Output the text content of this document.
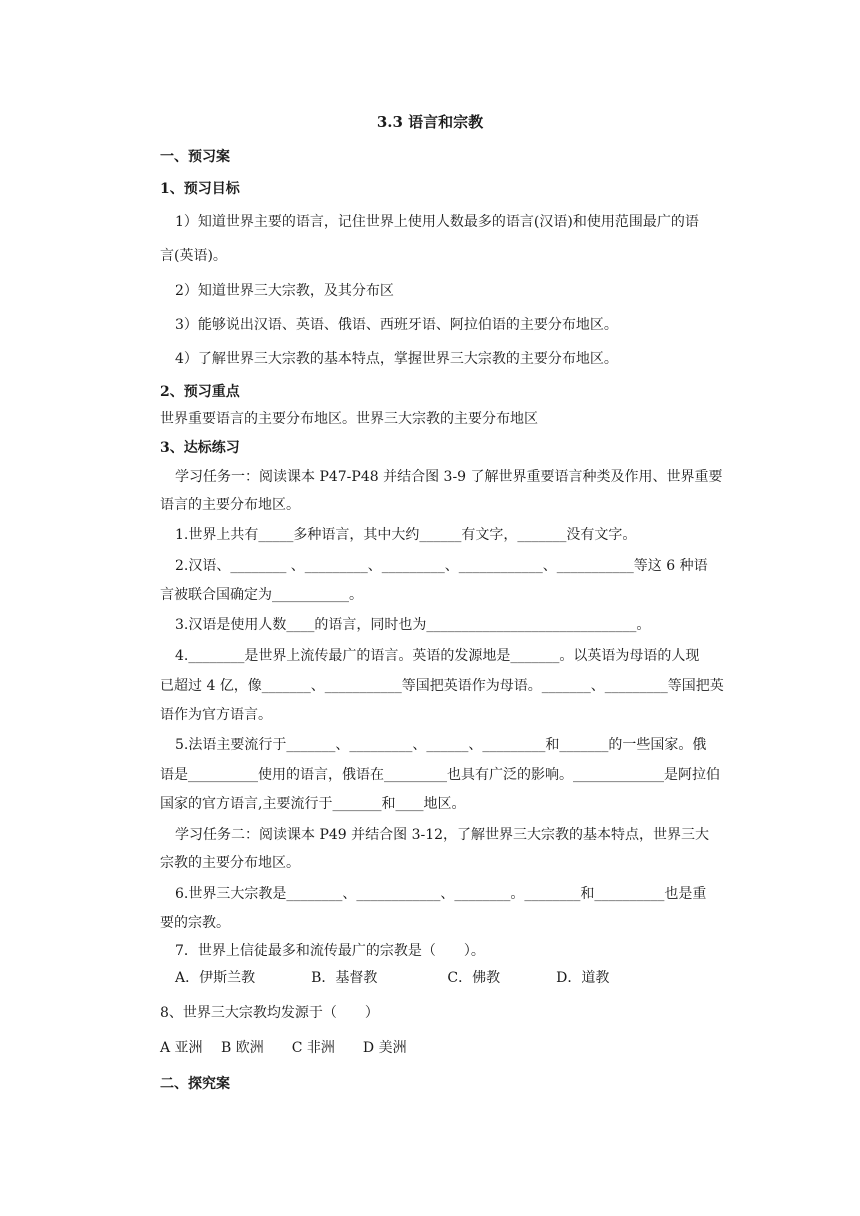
3.3 语言和宗教
一、预习案
1、预习目标
1）知道世界主要的语言，记住世界上使用人数最多的语言(汉语)和使用范围最广的语
言(英语)。
2）知道世界三大宗教，及其分布区
3）能够说出汉语、英语、俄语、西班牙语、阿拉伯语的主要分布地区。
4）了解世界三大宗教的基本特点，掌握世界三大宗教的主要分布地区。
2、预习重点
世界重要语言的主要分布地区。世界三大宗教的主要分布地区
3、达标练习
学习任务一：阅读课本 P47-P48 并结合图 3-9 了解世界重要语言种类及作用、世界重要
语言的主要分布地区。
1.世界上共有_____多种语言，其中大约______有文字，_______没有文字。
2.汉语、________ 、_________、_________、____________、___________等这 6 种语
言被联合国确定为___________。
3.汉语是使用人数____的语言，同时也为______________________________。
4.________是世界上流传最广的语言。英语的发源地是_______。以英语为母语的人现
已超过 4 亿，像_______、___________等国把英语作为母语。_______、_________等国把英
语作为官方语言。
5.法语主要流行于_______、_________、______、_________和_______的一些国家。俄
语是__________使用的语言，俄语在_________也具有广泛的影响。_____________是阿拉伯
国家的官方语言,主要流行于_______和____地区。
学习任务二：阅读课本 P49 并结合图 3-12，了解世界三大宗教的基本特点，世界三大
宗教的主要分布地区。
6.世界三大宗教是________、____________、________。________和__________也是重
要的宗教。
7．世界上信徒最多和流传最广的宗教是（　　）。
A．伊斯兰教　　　　B．基督教　　　　　C．佛教　　　　D．道教
8、世界三大宗教均发源于（　　）
A 亚洲　 B 欧洲　　C 非洲　　D 美洲
二、探究案
